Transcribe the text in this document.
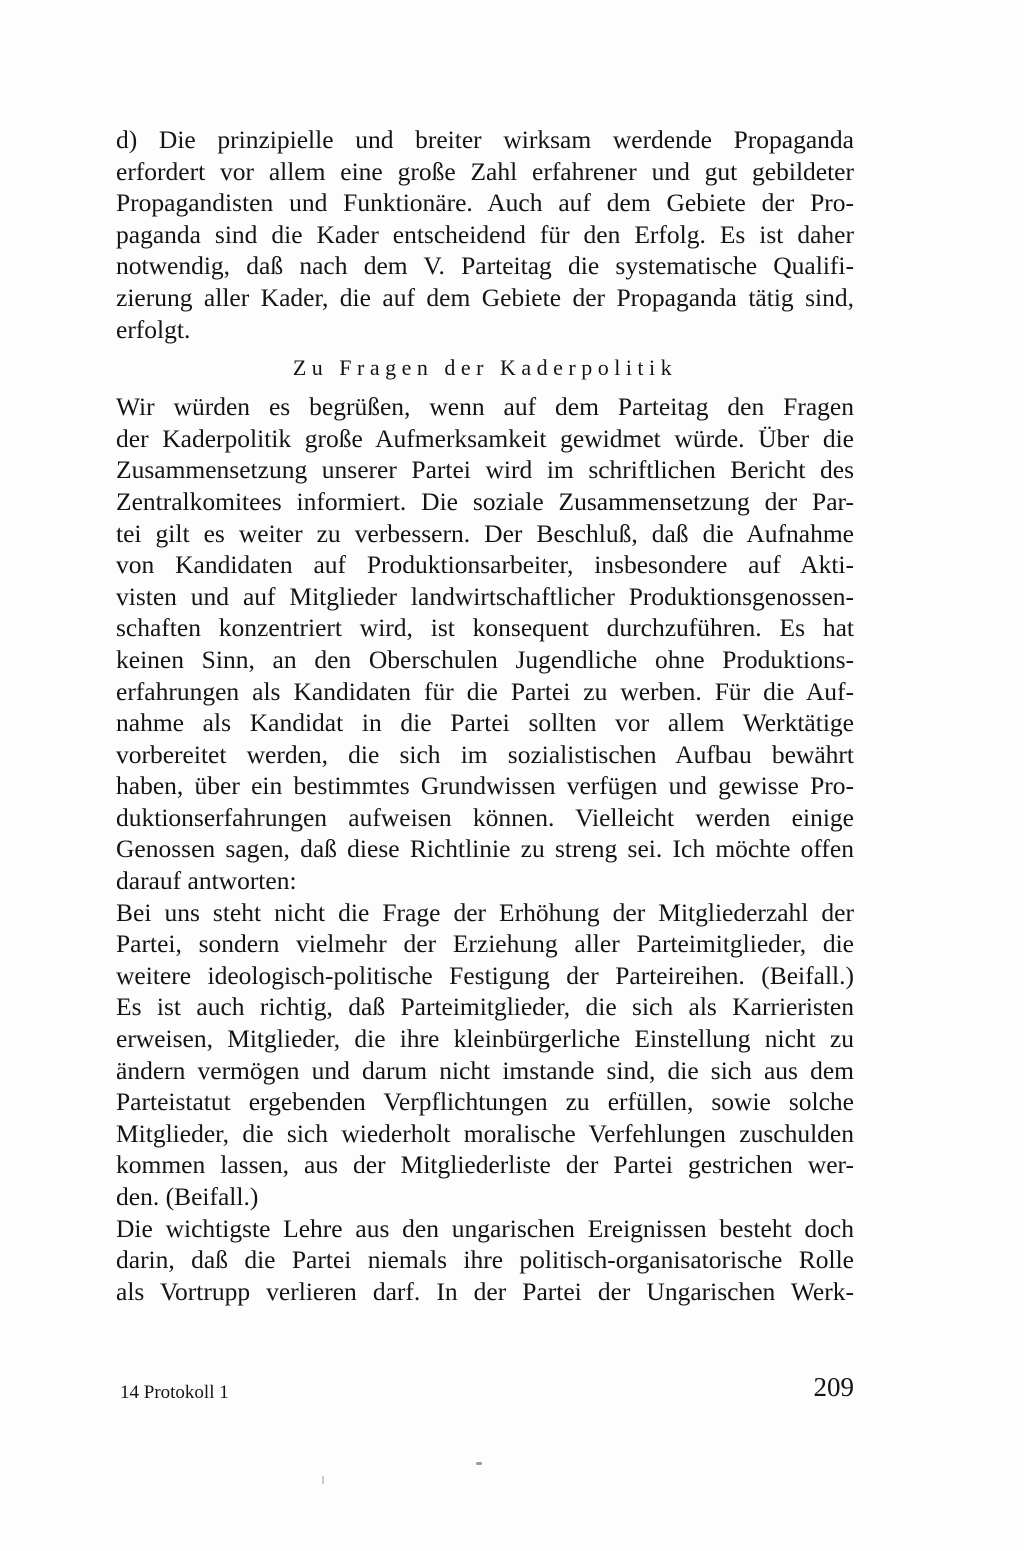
d) Die prinzipielle und breiter wirksam werdende Propaganda
erfordert vor allem eine große Zahl erfahrener und gut gebildeter
Propagandisten und Funktionäre. Auch auf dem Gebiete der Pro-
paganda sind die Kader entscheidend für den Erfolg. Es ist daher
notwendig, daß nach dem V. Parteitag die systematische Qualifi-
zierung aller Kader, die auf dem Gebiete der Propaganda tätig sind,
erfolgt.
Zu Fragen der Kaderpolitik
Wir würden es begrüßen, wenn auf dem Parteitag den Fragen
der Kaderpolitik große Aufmerksamkeit gewidmet würde. Über die
Zusammensetzung unserer Partei wird im schriftlichen Bericht des
Zentralkomitees informiert. Die soziale Zusammensetzung der Par-
tei gilt es weiter zu verbessern. Der Beschluß, daß die Aufnahme
von Kandidaten auf Produktionsarbeiter, insbesondere auf Akti-
visten und auf Mitglieder landwirtschaftlicher Produktionsgenossen-
schaften konzentriert wird, ist konsequent durchzuführen. Es hat
keinen Sinn, an den Oberschulen Jugendliche ohne Produktions-
erfahrungen als Kandidaten für die Partei zu werben. Für die Auf-
nahme als Kandidat in die Partei sollten vor allem Werktätige
vorbereitet werden, die sich im sozialistischen Aufbau bewährt
haben, über ein bestimmtes Grundwissen verfügen und gewisse Pro-
duktionserfahrungen aufweisen können. Vielleicht werden einige
Genossen sagen, daß diese Richtlinie zu streng sei. Ich möchte offen
darauf antworten:
Bei uns steht nicht die Frage der Erhöhung der Mitgliederzahl der
Partei, sondern vielmehr der Erziehung aller Parteimitglieder, die
weitere ideologisch-politische Festigung der Parteireihen. (Beifall.)
Es ist auch richtig, daß Parteimitglieder, die sich als Karrieristen
erweisen, Mitglieder, die ihre kleinbürgerliche Einstellung nicht zu
ändern vermögen und darum nicht imstande sind, die sich aus dem
Parteistatut ergebenden Verpflichtungen zu erfüllen, sowie solche
Mitglieder, die sich wiederholt moralische Verfehlungen zuschulden
kommen lassen, aus der Mitgliederliste der Partei gestrichen wer-
den. (Beifall.)
Die wichtigste Lehre aus den ungarischen Ereignissen besteht doch
darin, daß die Partei niemals ihre politisch-organisatorische Rolle
als Vortrupp verlieren darf. In der Partei der Ungarischen Werk-
14 Protokoll 1	209
